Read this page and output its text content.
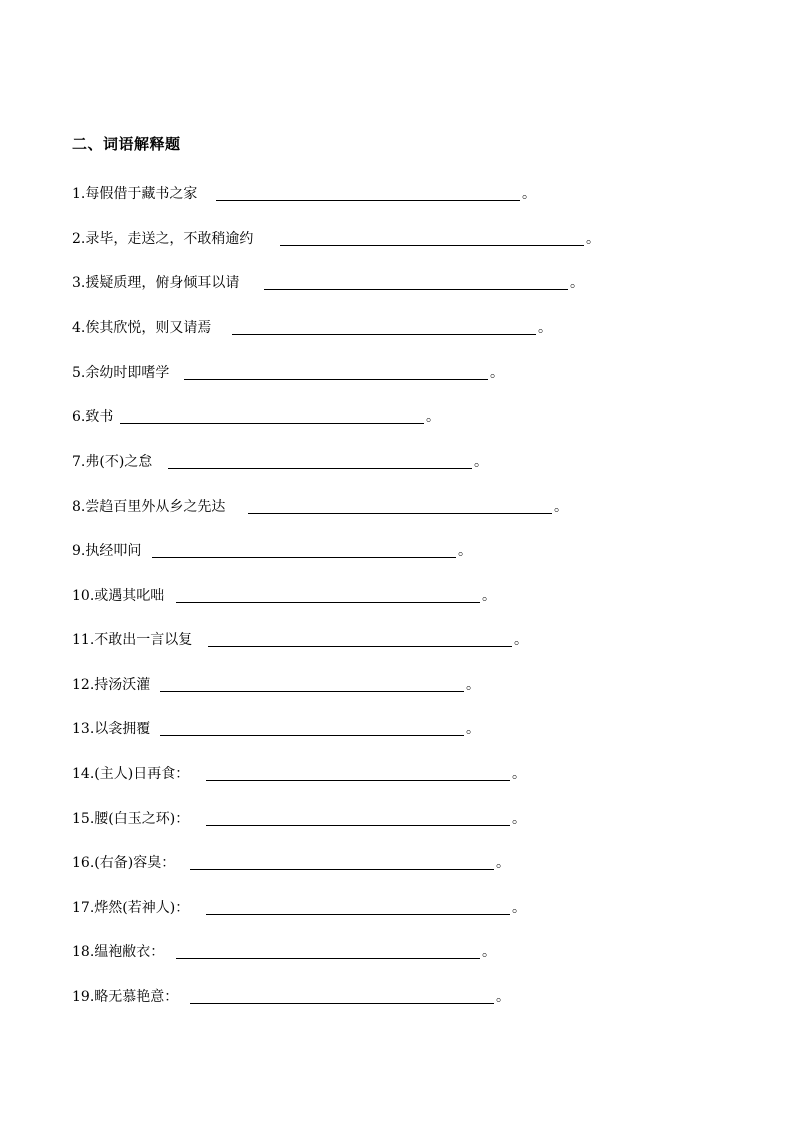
二、词语解释题
1.每假借于藏书之家	。
2.录毕，走送之，不敢稍逾约	。
3.援疑质理，俯身倾耳以请	。
4.俟其欣悦，则又请焉	。
5.余幼时即嗜学	。
6.致书	。
7.弗(不)之怠	。
8.尝趋百里外从乡之先达	。
9.执经叩问	。
10.或遇其叱咄	。
11.不敢出一言以复	。
12.持汤沃灌	。
13.以衾拥覆	。
14.(主人)日再食：	。
15.腰(白玉之环)：	。
16.(右备)容臭：	。
17.烨然(若神人)：	。
18.缊袍敝衣：	。
19.略无慕艳意：	。
